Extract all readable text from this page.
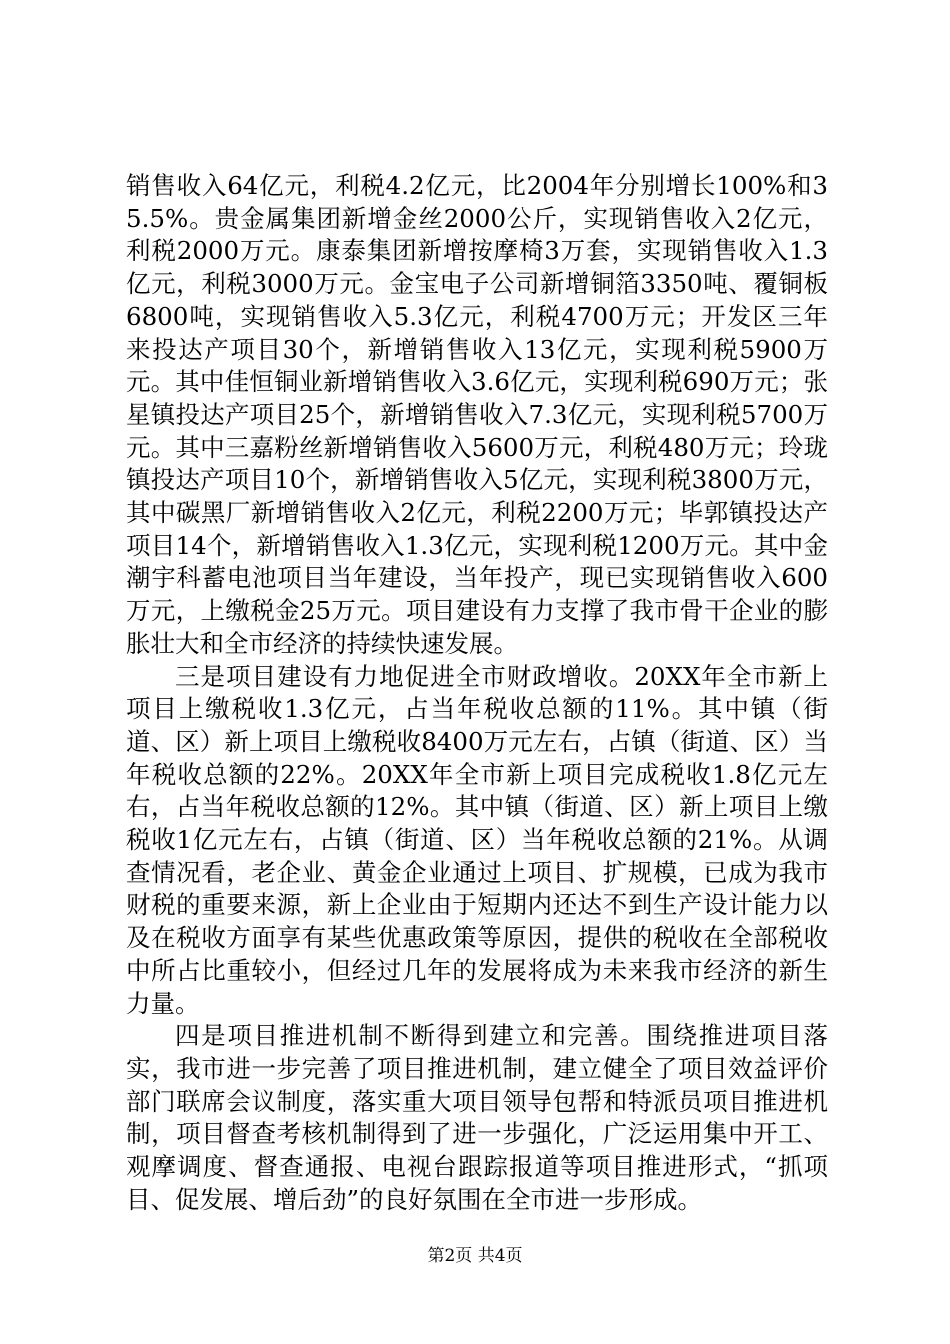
销售收入64亿元，利税4.2亿元，比2004年分别增长100%和35.5%。贵金属集团新增金丝2000公斤，实现销售收入2亿元，利税2000万元。康泰集团新增按摩椅3万套，实现销售收入1.3亿元，利税3000万元。金宝电子公司新增铜箔3350吨、覆铜板6800吨，实现销售收入5.3亿元，利税4700万元；开发区三年来投达产项目30个，新增销售收入13亿元，实现利税5900万元。其中佳恒铜业新增销售收入3.6亿元，实现利税690万元；张星镇投达产项目25个，新增销售收入7.3亿元，实现利税5700万元。其中三嘉粉丝新增销售收入5600万元，利税480万元；玲珑镇投达产项目10个，新增销售收入5亿元，实现利税3800万元，其中碳黑厂新增销售收入2亿元，利税2200万元；毕郭镇投达产项目14个，新增销售收入1.3亿元，实现利税1200万元。其中金潮宇科蓄电池项目当年建设，当年投产，现已实现销售收入600万元，上缴税金25万元。项目建设有力支撑了我市骨干企业的膨胀壮大和全市经济的持续快速发展。

三是项目建设有力地促进全市财政增收。20XX年全市新上项目上缴税收1.3亿元，占当年税收总额的11%。其中镇（街道、区）新上项目上缴税收8400万元左右，占镇（街道、区）当年税收总额的22%。20XX年全市新上项目完成税收1.8亿元左右，占当年税收总额的12%。其中镇（街道、区）新上项目上缴税收1亿元左右，占镇（街道、区）当年税收总额的21%。从调查情况看，老企业、黄金企业通过上项目、扩规模，已成为我市财税的重要来源，新上企业由于短期内还达不到生产设计能力以及在税收方面享有某些优惠政策等原因，提供的税收在全部税收中所占比重较小，但经过几年的发展将成为未来我市经济的新生力量。

四是项目推进机制不断得到建立和完善。围绕推进项目落实，我市进一步完善了项目推进机制，建立健全了项目效益评价部门联席会议制度，落实重大项目领导包帮和特派员项目推进机制，项目督查考核机制得到了进一步强化，广泛运用集中开工、观摩调度、督查通报、电视台跟踪报道等项目推进形式，“抓项目、促发展、增后劲”的良好氛围在全市进一步形成。

第2页 共4页
